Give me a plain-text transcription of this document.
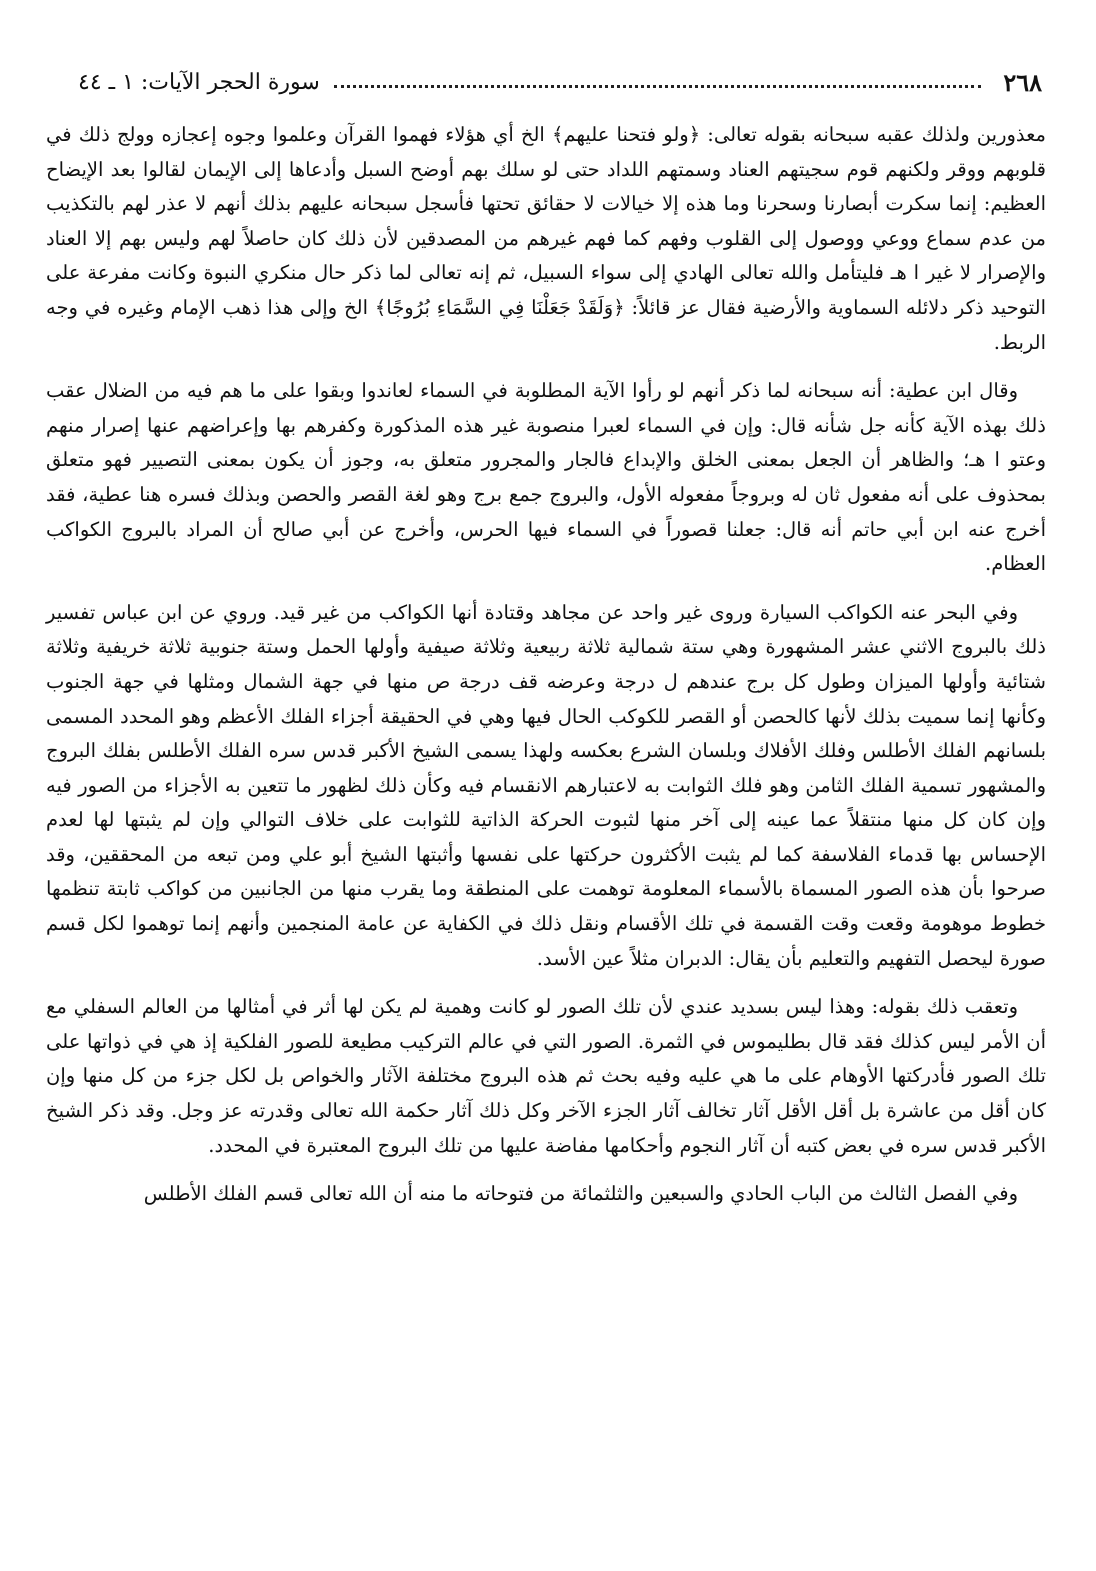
٢٦٨
سورة الحجر الآيات: ١ ـ ٤٤

معذورين ولذلك عقبه سبحانه بقوله تعالى: ﴿ولو فتحنا عليهم﴾ الخ أي هؤلاء فهموا القرآن وعلموا وجوه إعجازه وولج ذلك في قلوبهم ووقر ولكنهم قوم سجيتهم العناد وسمتهم اللداد حتى لو سلك بهم أوضح السبل وأدعاها إلى الإيمان لقالوا بعد الإيضاح العظيم: إنما سكرت أبصارنا وسحرنا وما هذه إلا خيالات لا حقائق تحتها فأسجل سبحانه عليهم بذلك أنهم لا عذر لهم بالتكذيب من عدم سماع ووعي ووصول إلى القلوب وفهم كما فهم غيرهم من المصدقين لأن ذلك كان حاصلاً لهم وليس بهم إلا العناد والإصرار لا غير ا هـ فليتأمل والله تعالى الهادي إلى سواء السبيل، ثم إنه تعالى لما ذكر حال منكري النبوة وكانت مفرعة على التوحيد ذكر دلائله السماوية والأرضية فقال عز قائلاً: ﴿وَلَقَدْ جَعَلْنَا فِي السَّمَاءِ بُرُوجًا﴾ الخ وإلى هذا ذهب الإمام وغيره في وجه الربط.

وقال ابن عطية: أنه سبحانه لما ذكر أنهم لو رأوا الآية المطلوبة في السماء لعاندوا وبقوا على ما هم فيه من الضلال عقب ذلك بهذه الآية كأنه جل شأنه قال: وإن في السماء لعبرا منصوبة غير هذه المذكورة وكفرهم بها وإعراضهم عنها إصرار منهم وعتو ا هـ؛ والظاهر أن الجعل بمعنى الخلق والإبداع فالجار والمجرور متعلق به، وجوز أن يكون بمعنى التصيير فهو متعلق بمحذوف على أنه مفعول ثان له وبروجاً مفعوله الأول، والبروج جمع برج وهو لغة القصر والحصن وبذلك فسره هنا عطية، فقد أخرج عنه ابن أبي حاتم أنه قال: جعلنا قصوراً في السماء فيها الحرس، وأخرج عن أبي صالح أن المراد بالبروج الكواكب العظام.

وفي البحر عنه الكواكب السيارة وروى غير واحد عن مجاهد وقتادة أنها الكواكب من غير قيد. وروي عن ابن عباس تفسير ذلك بالبروج الاثني عشر المشهورة وهي ستة شمالية ثلاثة ربيعية وثلاثة صيفية وأولها الحمل وستة جنوبية ثلاثة خريفية وثلاثة شتائية وأولها الميزان وطول كل برج عندهم ل درجة وعرضه قف درجة ص منها في جهة الشمال ومثلها في جهة الجنوب وكأنها إنما سميت بذلك لأنها كالحصن أو القصر للكوكب الحال فيها وهي في الحقيقة أجزاء الفلك الأعظم وهو المحدد المسمى بلسانهم الفلك الأطلس وفلك الأفلاك وبلسان الشرع بعكسه ولهذا يسمى الشيخ الأكبر قدس سره الفلك الأطلس بفلك البروج والمشهور تسمية الفلك الثامن وهو فلك الثوابت به لاعتبارهم الانقسام فيه وكأن ذلك لظهور ما تتعين به الأجزاء من الصور فيه وإن كان كل منها منتقلاً عما عينه إلى آخر منها لثبوت الحركة الذاتية للثوابت على خلاف التوالي وإن لم يثبتها لها لعدم الإحساس بها قدماء الفلاسفة كما لم يثبت الأكثرون حركتها على نفسها وأثبتها الشيخ أبو علي ومن تبعه من المحققين، وقد صرحوا بأن هذه الصور المسماة بالأسماء المعلومة توهمت على المنطقة وما يقرب منها من الجانبين من كواكب ثابتة تنظمها خطوط موهومة وقعت وقت القسمة في تلك الأقسام ونقل ذلك في الكفاية عن عامة المنجمين وأنهم إنما توهموا لكل قسم صورة ليحصل التفهيم والتعليم بأن يقال: الدبران مثلاً عين الأسد.

وتعقب ذلك بقوله: وهذا ليس بسديد عندي لأن تلك الصور لو كانت وهمية لم يكن لها أثر في أمثالها من العالم السفلي مع أن الأمر ليس كذلك فقد قال بطليموس في الثمرة. الصور التي في عالم التركيب مطيعة للصور الفلكية إذ هي في ذواتها على تلك الصور فأدركتها الأوهام على ما هي عليه وفيه بحث ثم هذه البروج مختلفة الآثار والخواص بل لكل جزء من كل منها وإن كان أقل من عاشرة بل أقل الأقل آثار تخالف آثار الجزء الآخر وكل ذلك آثار حكمة الله تعالى وقدرته عز وجل. وقد ذكر الشيخ الأكبر قدس سره في بعض كتبه أن آثار النجوم وأحكامها مفاضة عليها من تلك البروج المعتبرة في المحدد.

وفي الفصل الثالث من الباب الحادي والسبعين والثلثمائة من فتوحاته ما منه أن الله تعالى قسم الفلك الأطلس
